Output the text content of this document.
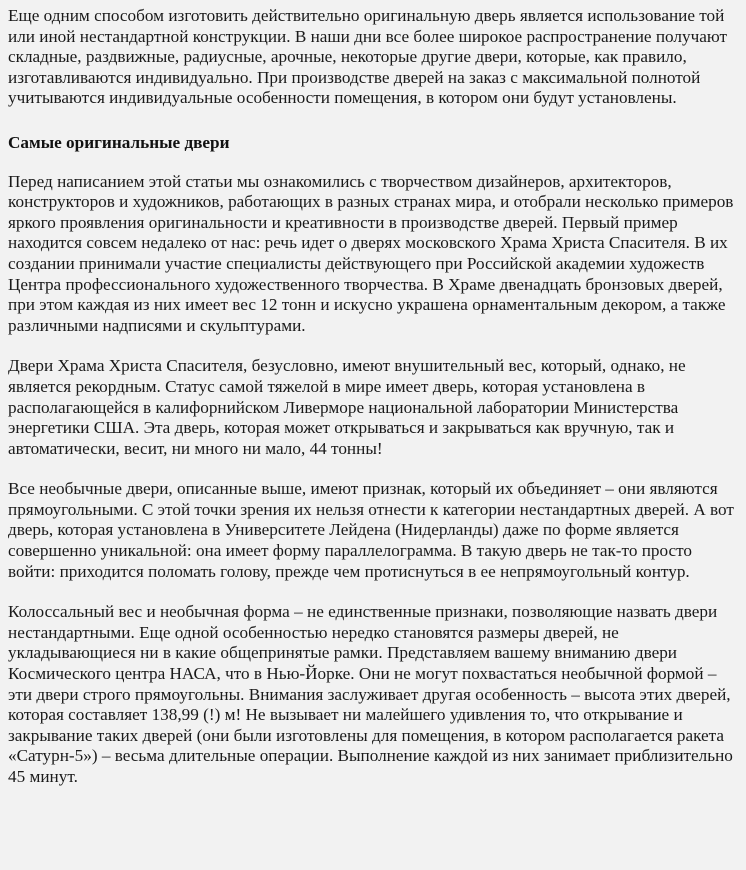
Еще одним способом изготовить действительно оригинальную дверь является использование той или иной нестандартной конструкции. В наши дни все более широкое распространение получают складные, раздвижные, радиусные, арочные, некоторые другие двери, которые, как правило, изготавливаются индивидуально. При производстве дверей на заказ с максимальной полнотой учитываются индивидуальные особенности помещения, в котором они будут установлены.

Самые оригинальные двери

Перед написанием этой статьи мы ознакомились с творчеством дизайнеров, архитекторов, конструкторов и художников, работающих в разных странах мира, и отобрали несколько примеров яркого проявления оригинальности и креативности в производстве дверей. Первый пример находится совсем недалеко от нас: речь идет о дверях московского Храма Христа Спасителя. В их создании принимали участие специалисты действующего при Российской академии художеств Центра профессионального художественного творчества. В Храме двенадцать бронзовых дверей, при этом каждая из них имеет вес 12 тонн и искусно украшена орнаментальным декором, а также различными надписями и скульптурами.

Двери Храма Христа Спасителя, безусловно, имеют внушительный вес, который, однако, не является рекордным. Статус самой тяжелой в мире имеет дверь, которая установлена в располагающейся в калифорнийском Ливерморе национальной лаборатории Министерства энергетики США. Эта дверь, которая может открываться и закрываться как вручную, так и автоматически, весит, ни много ни мало, 44 тонны!

Все необычные двери, описанные выше, имеют признак, который их объединяет – они являются прямоугольными. С этой точки зрения их нельзя отнести к категории нестандартных дверей. А вот дверь, которая установлена в Университете Лейдена (Нидерланды) даже по форме является совершенно уникальной: она имеет форму параллелограмма. В такую дверь не так-то просто войти: приходится поломать голову, прежде чем протиснуться в ее непрямоугольный контур.

Колоссальный вес и необычная форма – не единственные признаки, позволяющие назвать двери нестандартными. Еще одной особенностью нередко становятся размеры дверей, не укладывающиеся ни в какие общепринятые рамки. Представляем вашему вниманию двери Космического центра НАСА, что в Нью-Йорке. Они не могут похвастаться необычной формой – эти двери строго прямоугольны. Внимания заслуживает другая особенность – высота этих дверей, которая составляет 138,99 (!) м! Не вызывает ни малейшего удивления то, что открывание и закрывание таких дверей (они были изготовлены для помещения, в котором располагается ракета «Сатурн-5») – весьма длительные операции. Выполнение каждой из них занимает приблизительно 45 минут.
